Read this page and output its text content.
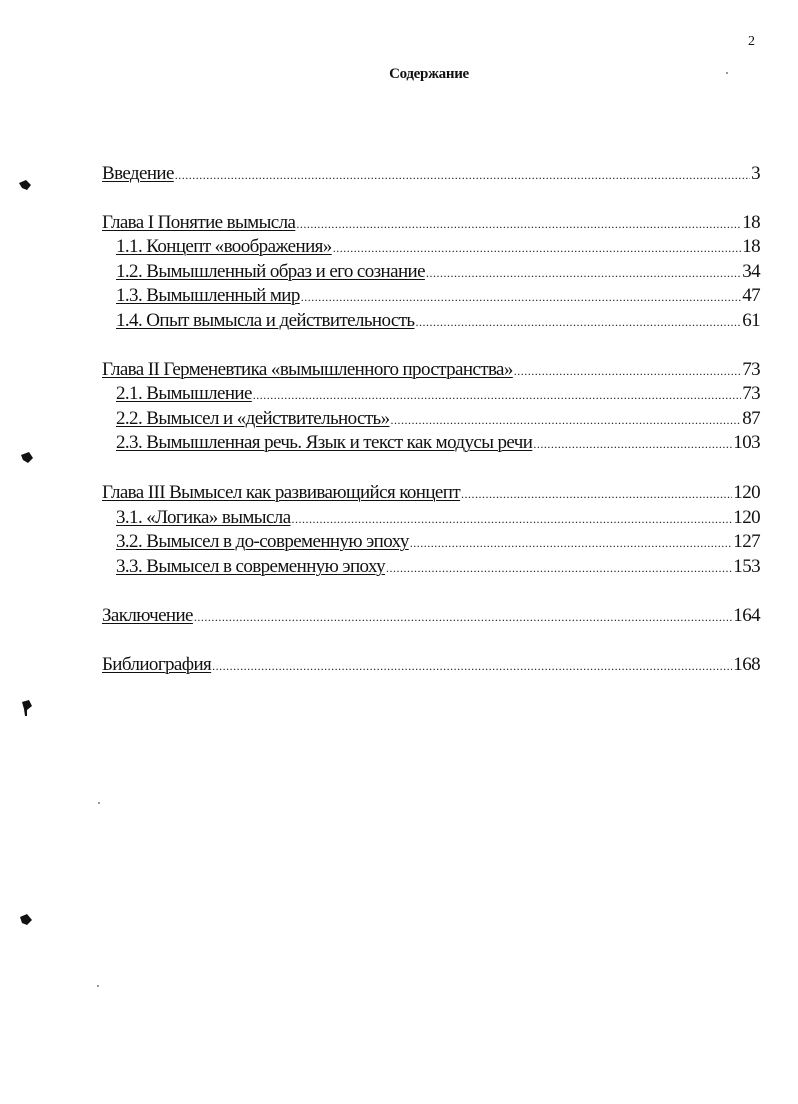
2
Содержание
Введение .....	3
Глава I Понятие вымысла .....	18
1.1. Концепт «воображения» .....	18
1.2. Вымышленный образ и его сознание .....	34
1.3. Вымышленный мир .....	47
1.4. Опыт вымысла и действительность .....	61
Глава II Герменевтика «вымышленного пространства» .....	73
2.1. Вымышление .....	73
2.2. Вымысел и «действительность» .....	87
2.3. Вымышленная речь. Язык и текст как модусы речи .....	103
Глава III Вымысел как развивающийся концепт .....	120
3.1. «Логика» вымысла .....	120
3.2. Вымысел в до-современную эпоху .....	127
3.3. Вымысел в современную эпоху .....	153
Заключение .....	164
Библиография .....	168
